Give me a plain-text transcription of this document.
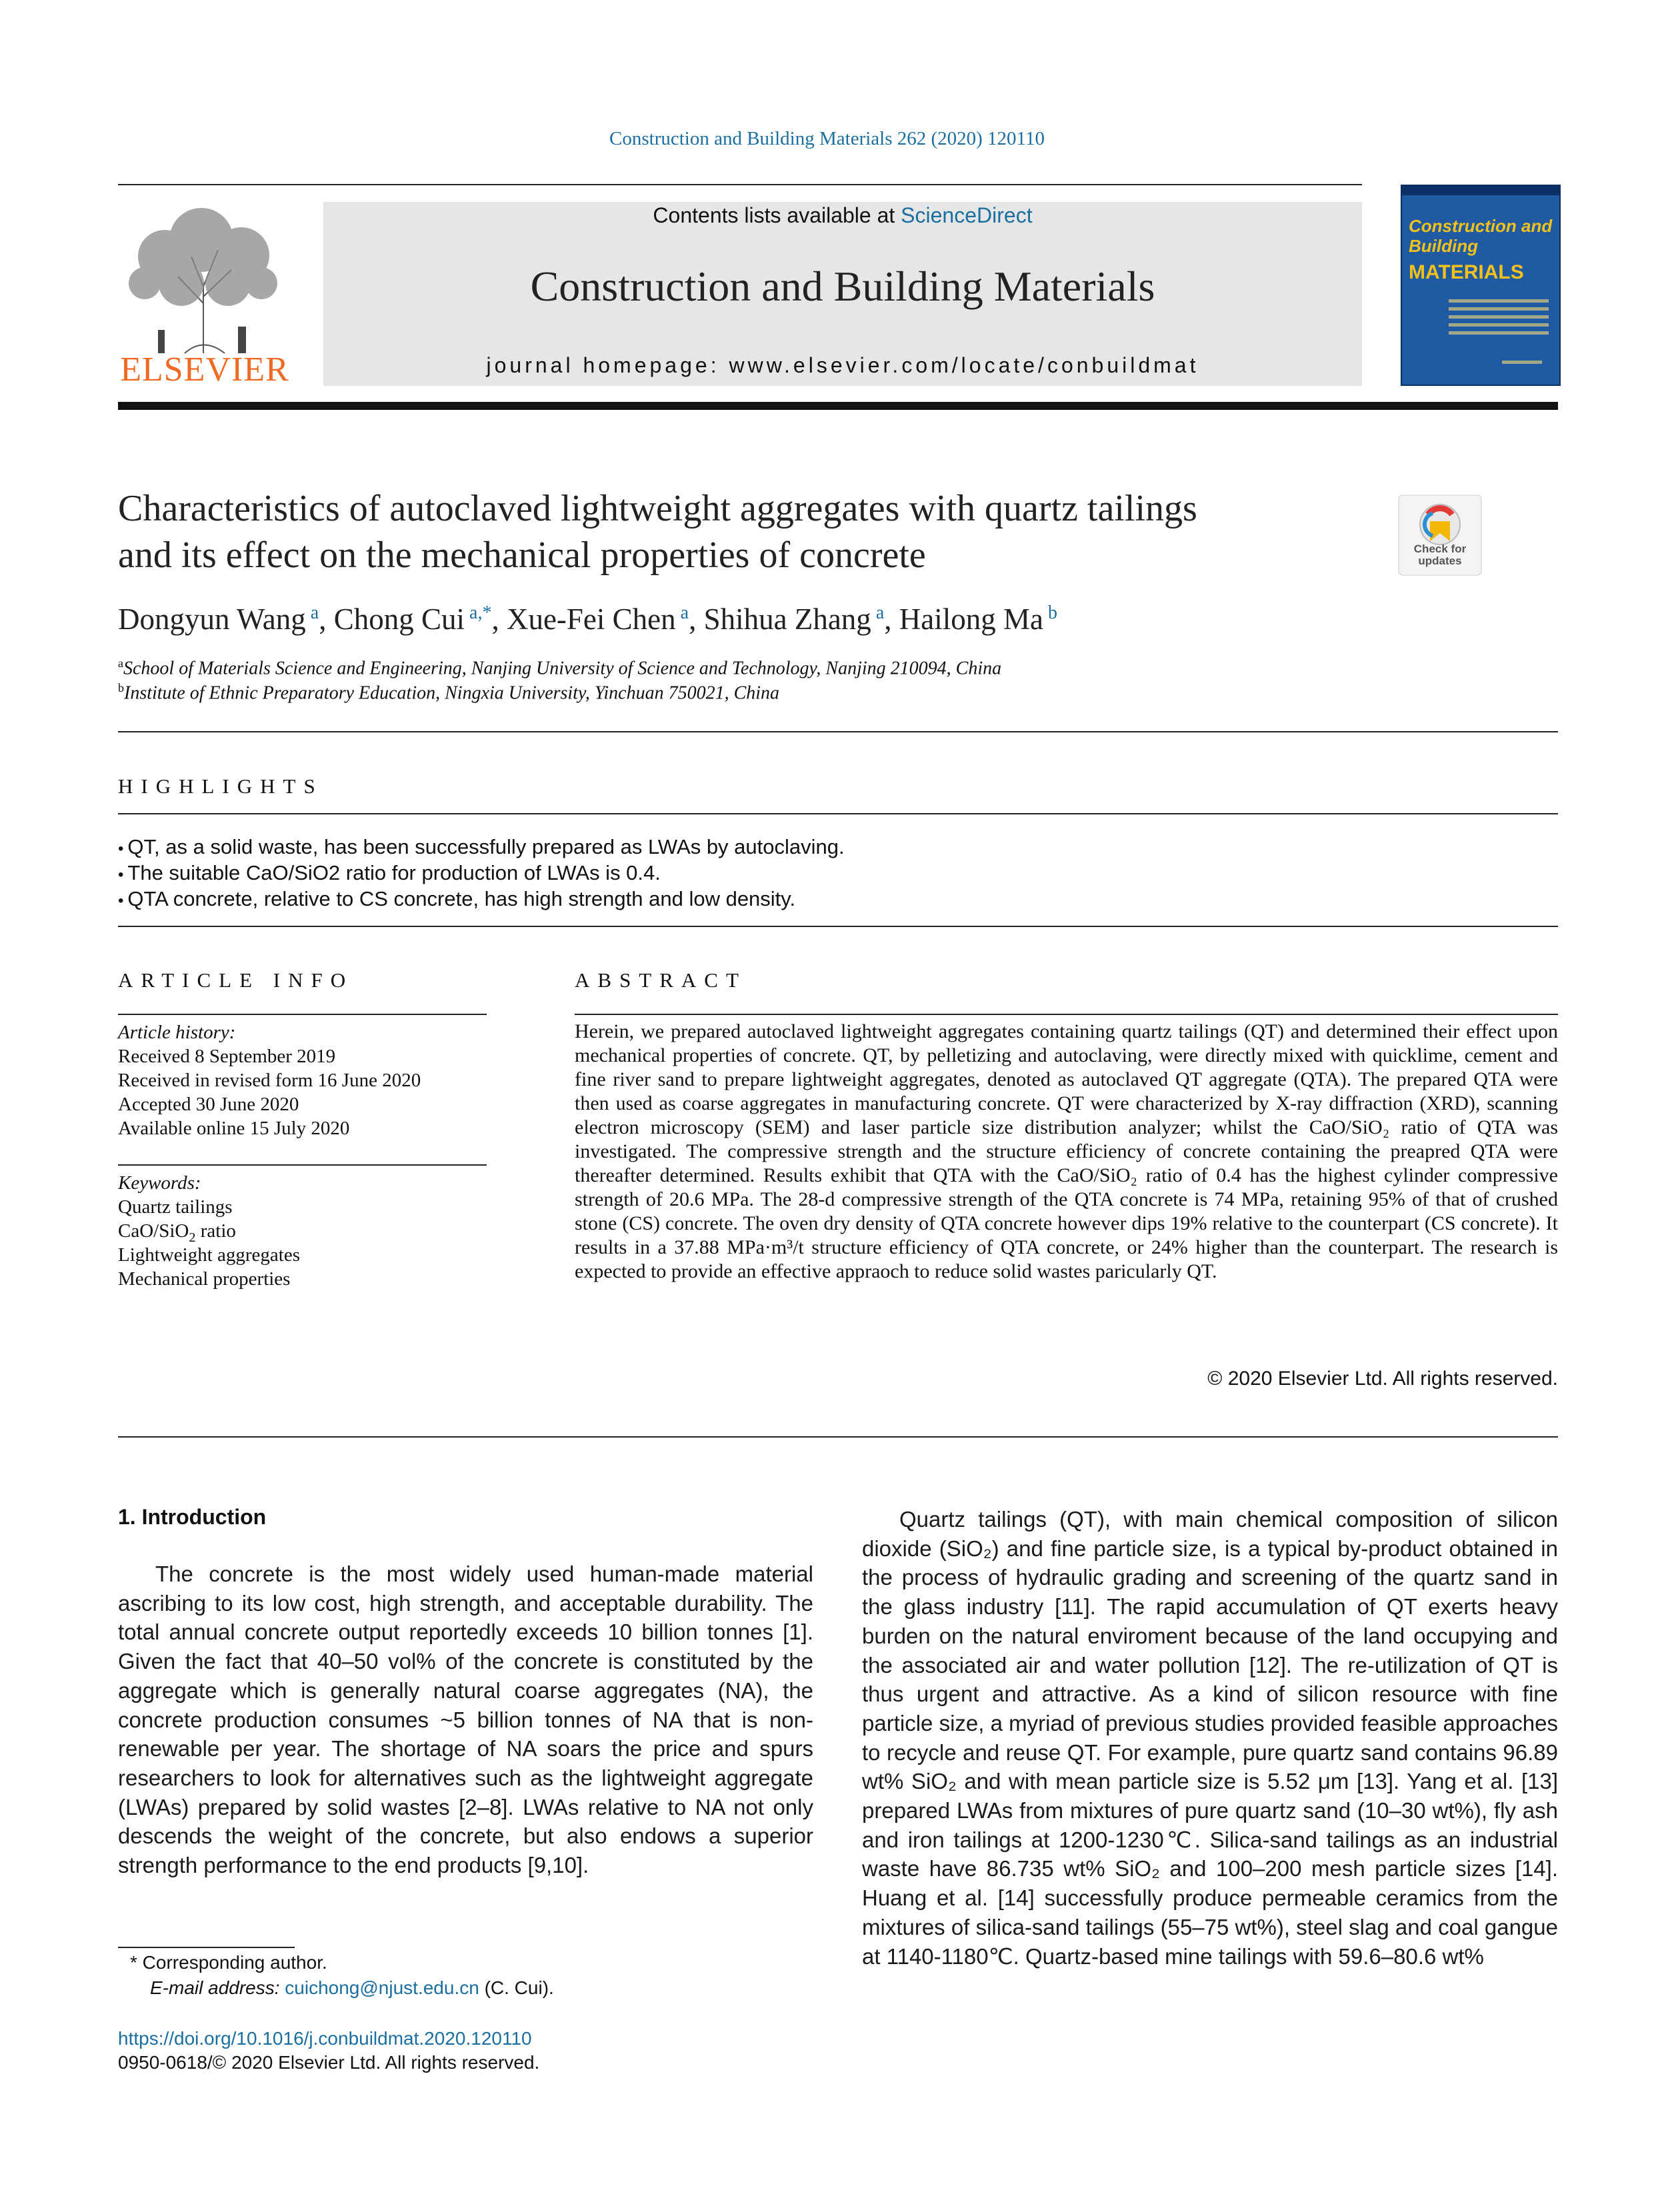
Construction and Building Materials 262 (2020) 120110
ELSEVIER
Contents lists available at ScienceDirect
Construction and Building Materials
journal homepage: www.elsevier.com/locate/conbuildmat
Construction and Building
MATERIALS
Characteristics of autoclaved lightweight aggregates with quartz tailings
and its effect on the mechanical properties of concrete	Check for updates
Dongyun Wang $^a$, Chong Cui $^{a,*}$, Xue-Fei Chen $^a$, Shihua Zhang $^a$, Hailong Ma $^b$
$^a$School of Materials Science and Engineering, Nanjing University of Science and Technology, Nanjing 210094, China
$^b$Institute of Ethnic Preparatory Education, Ningxia University, Yinchuan 750021, China
HIGHLIGHTS
• QT, as a solid waste, has been successfully prepared as LWAs by autoclaving.
• The suitable CaO/SiO2 ratio for production of LWAs is 0.4.
• QTA concrete, relative to CS concrete, has high strength and low density.
ARTICLE INFO
Article history:
Received 8 September 2019
Received in revised form 16 June 2020
Accepted 30 June 2020
Available online 15 July 2020
Keywords:
Quartz tailings
CaO/SiO$_2$ ratio
Lightweight aggregates
Mechanical properties
ABSTRACT
Herein, we prepared autoclaved lightweight aggregates containing quartz tailings (QT) and determined their effect upon mechanical properties of concrete. QT, by pelletizing and autoclaving, were directly mixed with quicklime, cement and fine river sand to prepare lightweight aggregates, denoted as autoclaved QT aggregate (QTA). The prepared QTA were then used as coarse aggregates in manufacturing concrete. QT were characterized by X-ray diffraction (XRD), scanning electron microscopy (SEM) and laser particle size distribution analyzer; whilst the CaO/SiO₂ ratio of QTA was investigated. The compressive strength and the structure efficiency of concrete containing the preapred QTA were thereafter determined. Results exhibit that QTA with the CaO/SiO₂ ratio of 0.4 has the highest cylinder compressive strength of 20.6 MPa. The 28-d compressive strength of the QTA concrete is 74 MPa, retaining 95% of that of crushed stone (CS) concrete. The oven dry density of QTA concrete however dips 19% relative to the counterpart (CS concrete). It results in a 37.88 MPa·m³/t structure efficiency of QTA concrete, or 24% higher than the counterpart. The research is expected to provide an effective appraoch to reduce solid wastes paricularly QT.
© 2020 Elsevier Ltd. All rights reserved.
1. Introduction

The concrete is the most widely used human-made material ascribing to its low cost, high strength, and acceptable durability. The total annual concrete output reportedly exceeds 10 billion tonnes [1]. Given the fact that 40–50 vol% of the concrete is constituted by the aggregate which is generally natural coarse aggregates (NA), the concrete production consumes ~5 billion tonnes of NA that is non-renewable per year. The shortage of NA soars the price and spurs researchers to look for alternatives such as the lightweight aggregate (LWAs) prepared by solid wastes [2–8]. LWAs relative to NA not only descends the weight of the concrete, but also endows a superior strength performance to the end products [9,10].

Quartz tailings (QT), with main chemical composition of silicon dioxide (SiO₂) and fine particle size, is a typical by-product obtained in the process of hydraulic grading and screening of the quartz sand in the glass industry [11]. The rapid accumulation of QT exerts heavy burden on the natural enviroment because of the land occupying and the associated air and water pollution [12]. The re-utilization of QT is thus urgent and attractive. As a kind of silicon resource with fine particle size, a myriad of previous studies provided feasible approaches to recycle and reuse QT. For example, pure quartz sand contains 96.89 wt% SiO₂ and with mean particle size is 5.52 μm [13]. Yang et al. [13] prepared LWAs from mixtures of pure quartz sand (10–30 wt%), fly ash and iron tailings at 1200-1230℃. Silica-sand tailings as an industrial waste have 86.735 wt% SiO₂ and 100–200 mesh particle sizes [14]. Huang et al. [14] successfully produce permeable ceramics from the mixtures of silica-sand tailings (55–75 wt%), steel slag and coal gangue at 1140-1180℃. Quartz-based mine tailings with 59.6–80.6 wt%

* Corresponding author.
E-mail address: cuichong@njust.edu.cn (C. Cui).
https://doi.org/10.1016/j.conbuildmat.2020.120110
0950-0618/© 2020 Elsevier Ltd. All rights reserved.
